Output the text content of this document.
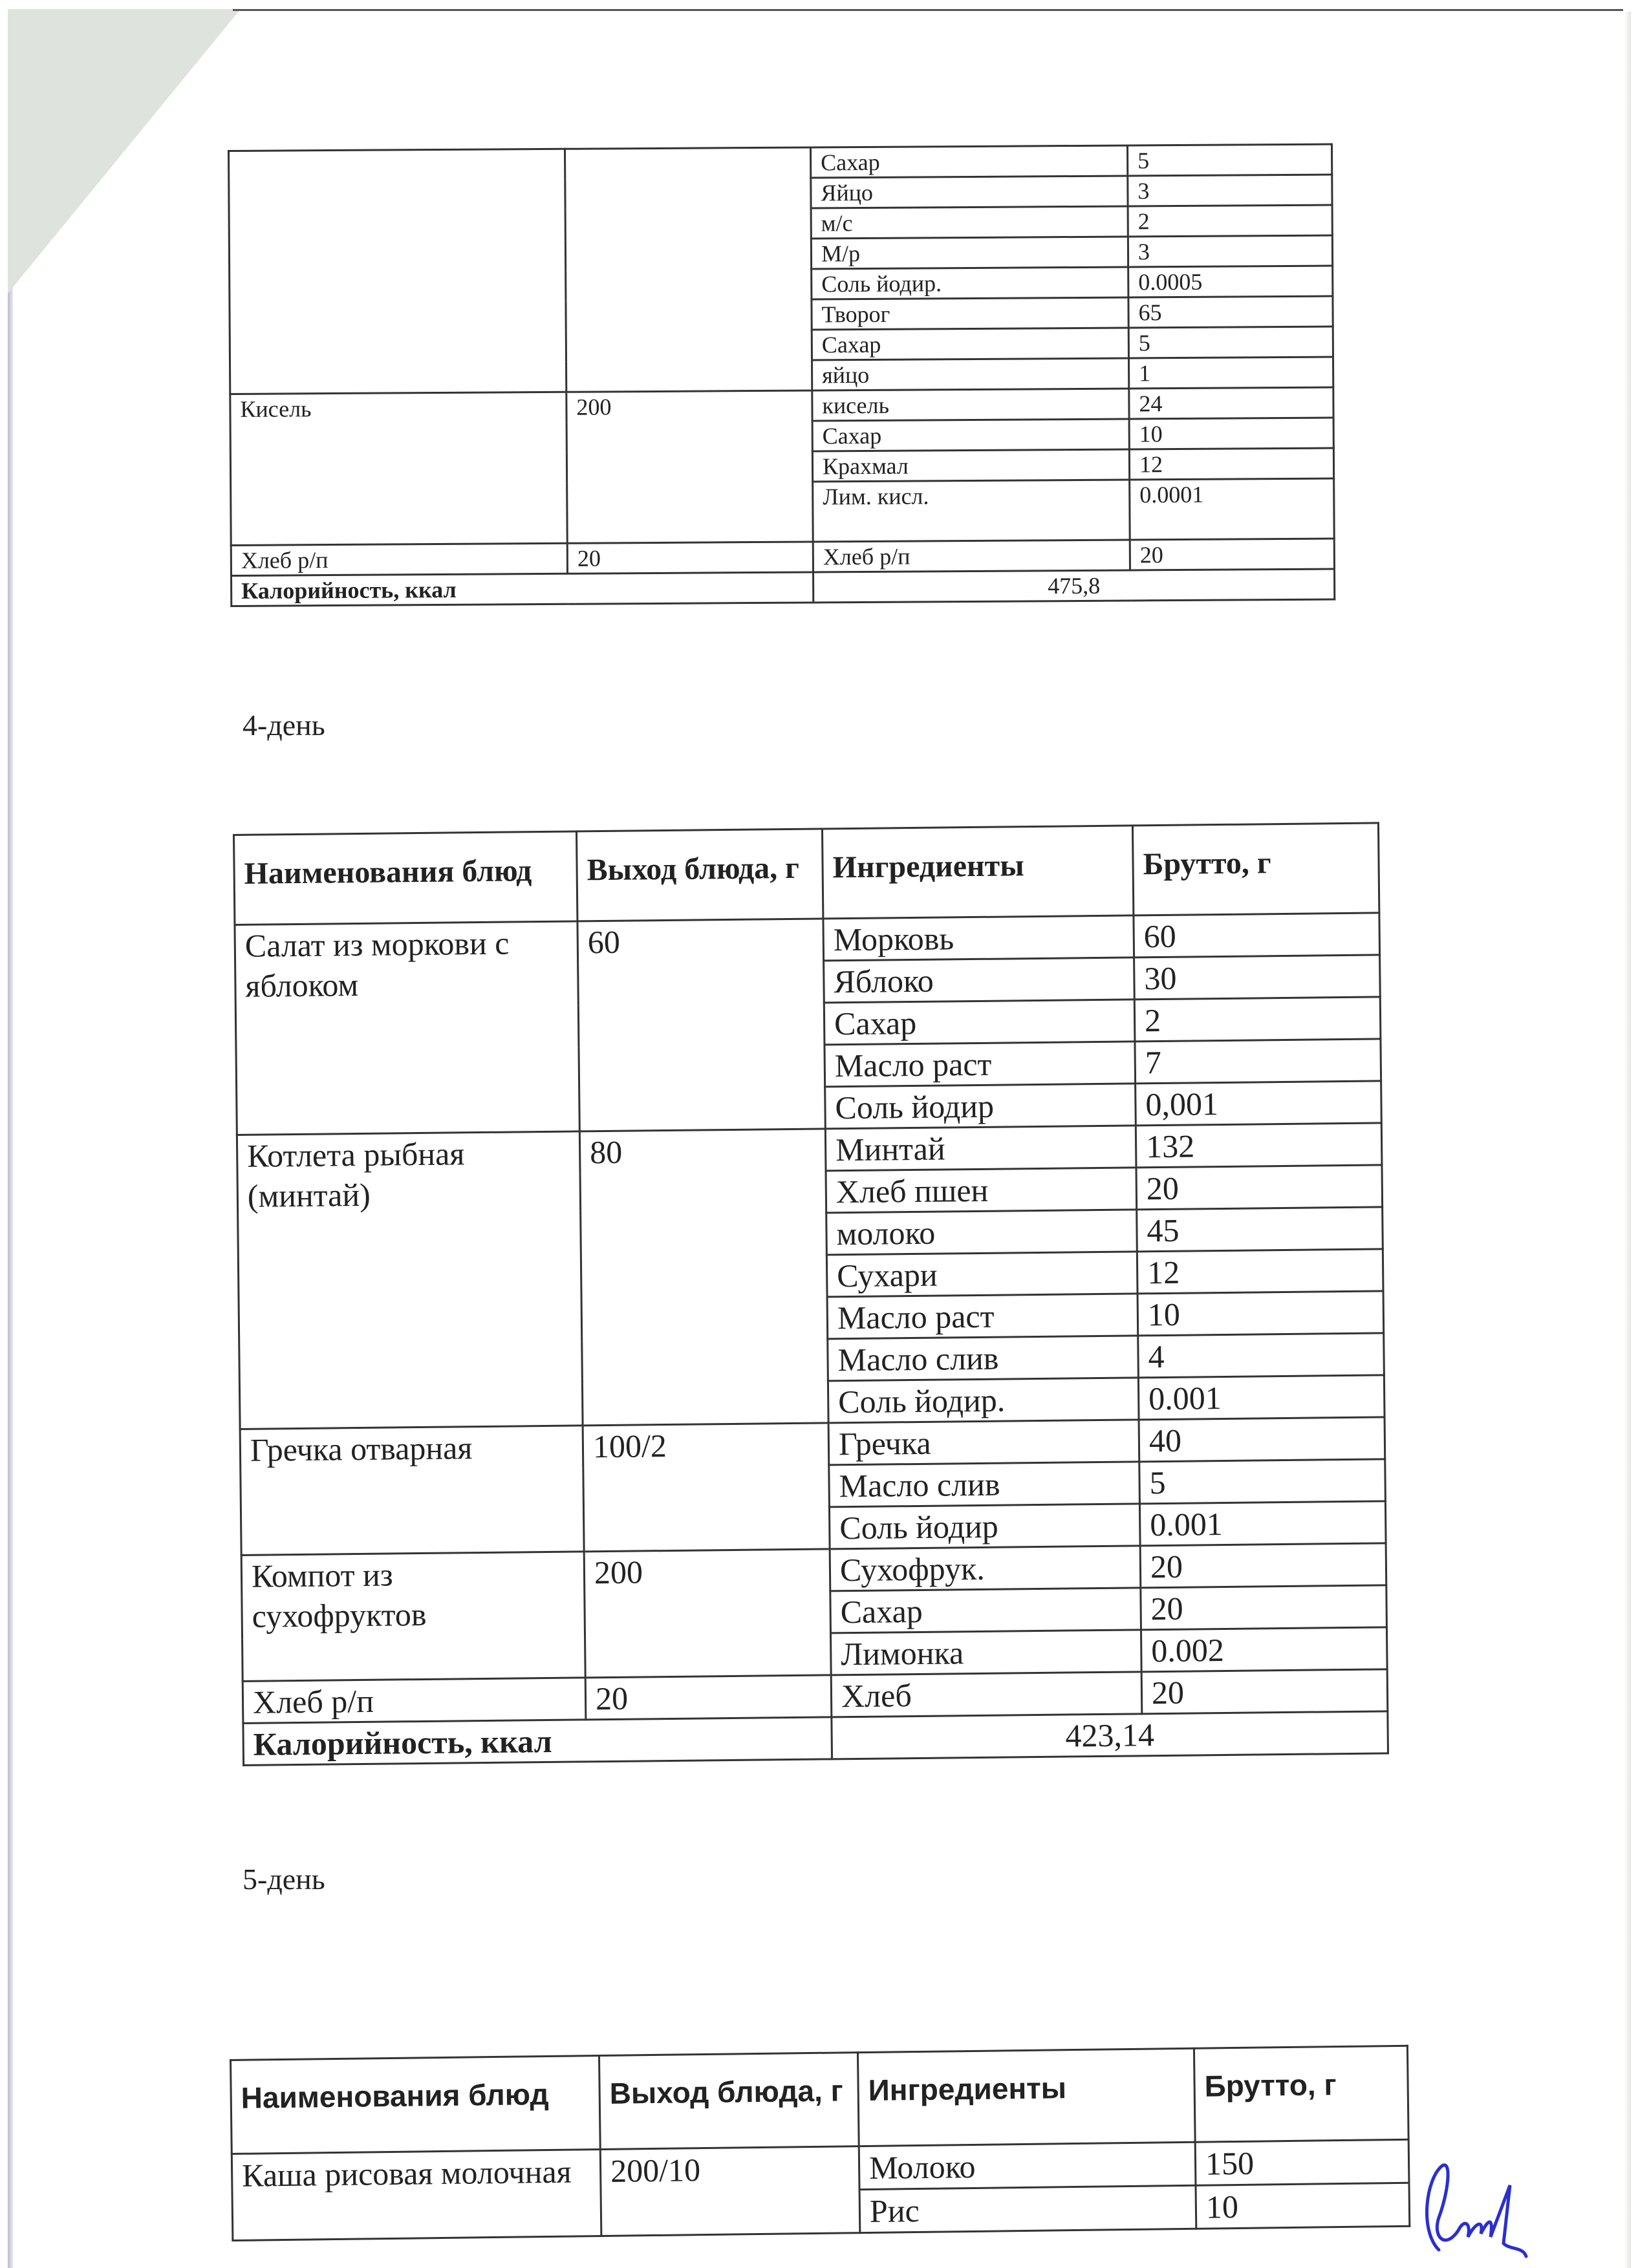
		Сахар	5
		Яйцо	3
		м/с	2
		М/р	3
		Соль йодир.	0.0005
		Творог	65
		Сахар	5
		яйцо	1
Кисель	200	кисель	24
		Сахар	10
		Крахмал	12
		Лим. кисл.	0.0001
Хлеб р/п	20	Хлеб р/п	20
Калорийность, ккал		475,8	
4-день
Наименования блюд	Выход блюда, г	Ингредиенты	Брутто, г
Салат из моркови с яблоком	60	Морковь	60
		Яблоко	30
		Сахар	2
		Масло раст	7
		Соль йодир	0,001
Котлета рыбная (минтай)	80	Минтай	132
		Хлеб пшен	20
		молоко	45
		Сухари	12
		Масло раст	10
		Масло слив	4
		Соль йодир.	0.001
Гречка отварная	100/2	Гречка	40
		Масло слив	5
		Соль йодир	0.001
Компот из сухофруктов	200	Сухофрук.	20
		Сахар	20
		Лимонка	0.002
Хлеб р/п	20	Хлеб	20
Калорийность, ккал		423,14	
5-день
Наименования блюд	Выход блюда, г	Ингредиенты	Брутто, г
Каша рисовая молочная	200/10	Молоко	150
		Рис	10
